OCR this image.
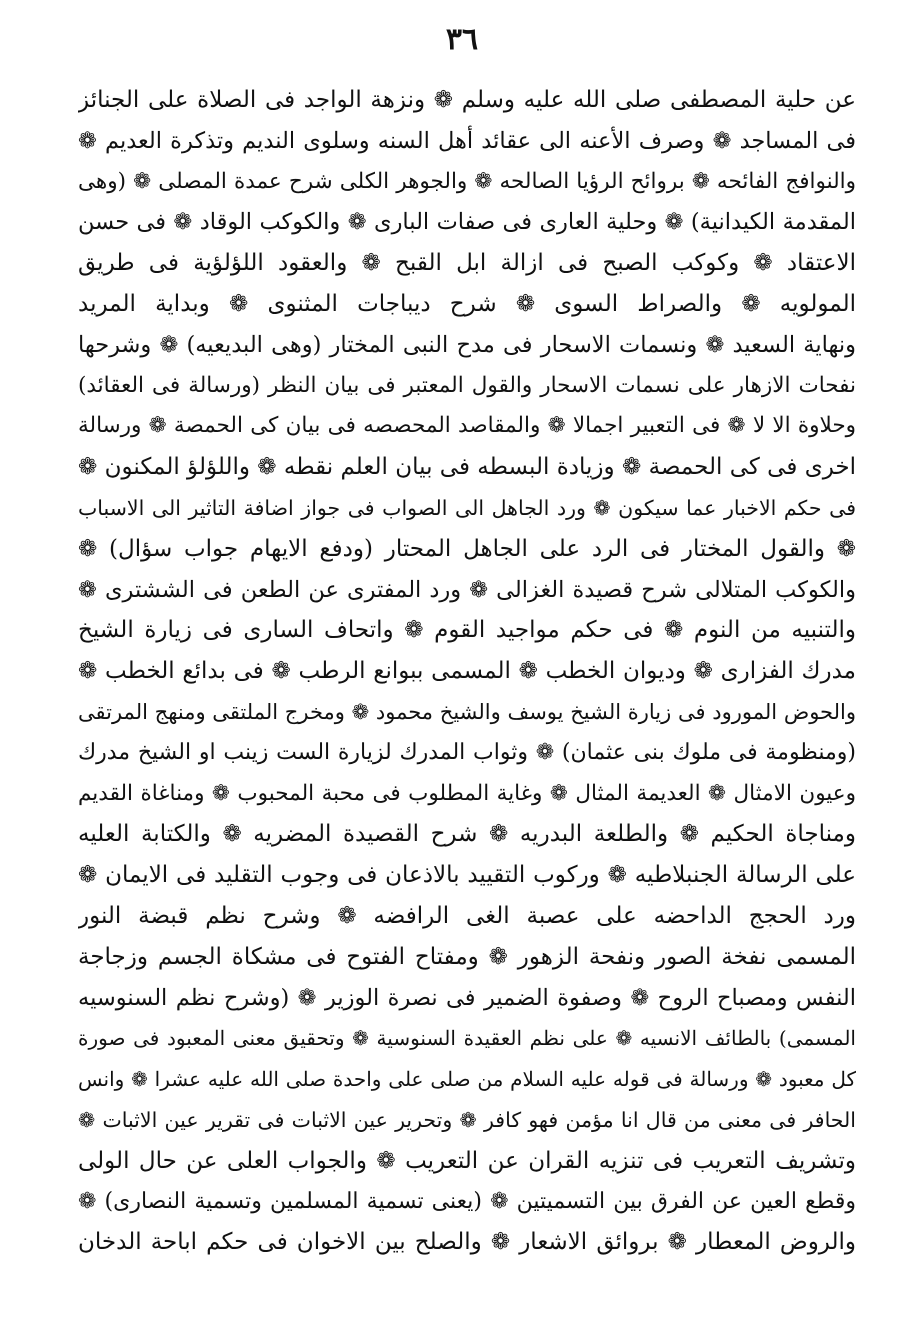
٣٦
عن حلية المصطفى صلى الله عليه وسلم ❁ ونزهة الواجد فى الصلاة على الجنائز
فى المساجد ❁ وصرف الأعنه الى عقائد أهل السنه وسلوى النديم وتذكرة العديم ❁
والنوافج الفائحه ❁ بروائح الرؤيا الصالحه ❁ والجوهر الكلى شرح عمدة المصلى ❁ (وهى
المقدمة الكيدانية) ❁ وحلية العارى فى صفات البارى ❁ والكوكب الوقاد ❁ فى حسن
الاعتقاد ❁ وكوكب الصبح فى ازالة ابل القبح ❁ والعقود اللؤلؤية فى طريق
المولويه ❁ والصراط السوى ❁ شرح ديباجات المثنوى ❁ وبداية المريد
ونهاية السعيد ❁ ونسمات الاسحار فى مدح النبى المختار (وهى البديعيه) ❁ وشرحها
نفحات الازهار على نسمات الاسحار والقول المعتبر فى بيان النظر (ورسالة فى العقائد)
وحلاوة الا لا ❁ فى التعبير اجمالا ❁ والمقاصد المحصصه فى بيان كى الحمصة ❁ ورسالة
اخرى فى كى الحمصة ❁ وزيادة البسطه فى بيان العلم نقطه ❁ واللؤلؤ المكنون ❁
فى حكم الاخبار عما سيكون ❁ ورد الجاهل الى الصواب فى جواز اضافة التاثير الى الاسباب
❁ والقول المختار فى الرد على الجاهل المحتار (ودفع الايهام جواب سؤال) ❁
والكوكب المتلالى شرح قصيدة الغزالى ❁ ورد المفترى عن الطعن فى الششترى ❁
والتنبيه من النوم ❁ فى حكم مواجيد القوم ❁ واتحاف السارى فى زيارة الشيخ
مدرك الفزارى ❁ وديوان الخطب ❁ المسمى ببوانع الرطب ❁ فى بدائع الخطب ❁
والحوض المورود فى زيارة الشيخ يوسف والشيخ محمود ❁ ومخرج الملتقى ومنهج المرتقى
(ومنظومة فى ملوك بنى عثمان) ❁ وثواب المدرك لزيارة الست زينب او الشيخ مدرك
وعيون الامثال ❁ العديمة المثال ❁ وغاية المطلوب فى محبة المحبوب ❁ ومناغاة القديم
ومناجاة الحكيم ❁ والطلعة البدريه ❁ شرح القصيدة المضريه ❁ والكتابة العليه
على الرسالة الجنبلاطيه ❁ وركوب التقييد بالاذعان فى وجوب التقليد فى الايمان ❁
ورد الحجج الداحضه على عصبة الغى الرافضه ❁ وشرح نظم قبضة النور
المسمى نفخة الصور ونفحة الزهور ❁ ومفتاح الفتوح فى مشكاة الجسم وزجاجة
النفس ومصباح الروح ❁ وصفوة الضمير فى نصرة الوزير ❁ (وشرح نظم السنوسيه
المسمى) بالطائف الانسيه ❁ على نظم العقيدة السنوسية ❁ وتحقيق معنى المعبود فى صورة
كل معبود ❁ ورسالة فى قوله عليه السلام من صلى على واحدة صلى الله عليه عشرا ❁ وانس
الحافر فى معنى من قال انا مؤمن فهو كافر ❁ وتحرير عين الاثبات فى تقرير عين الاثبات ❁
وتشريف التعريب فى تنزيه القران عن التعريب ❁ والجواب العلى عن حال الولى
وقطع العين عن الفرق بين التسميتين ❁ (يعنى تسمية المسلمين وتسمية النصارى) ❁
والروض المعطار ❁ بروائق الاشعار ❁ والصلح بين الاخوان فى حكم اباحة الدخان
